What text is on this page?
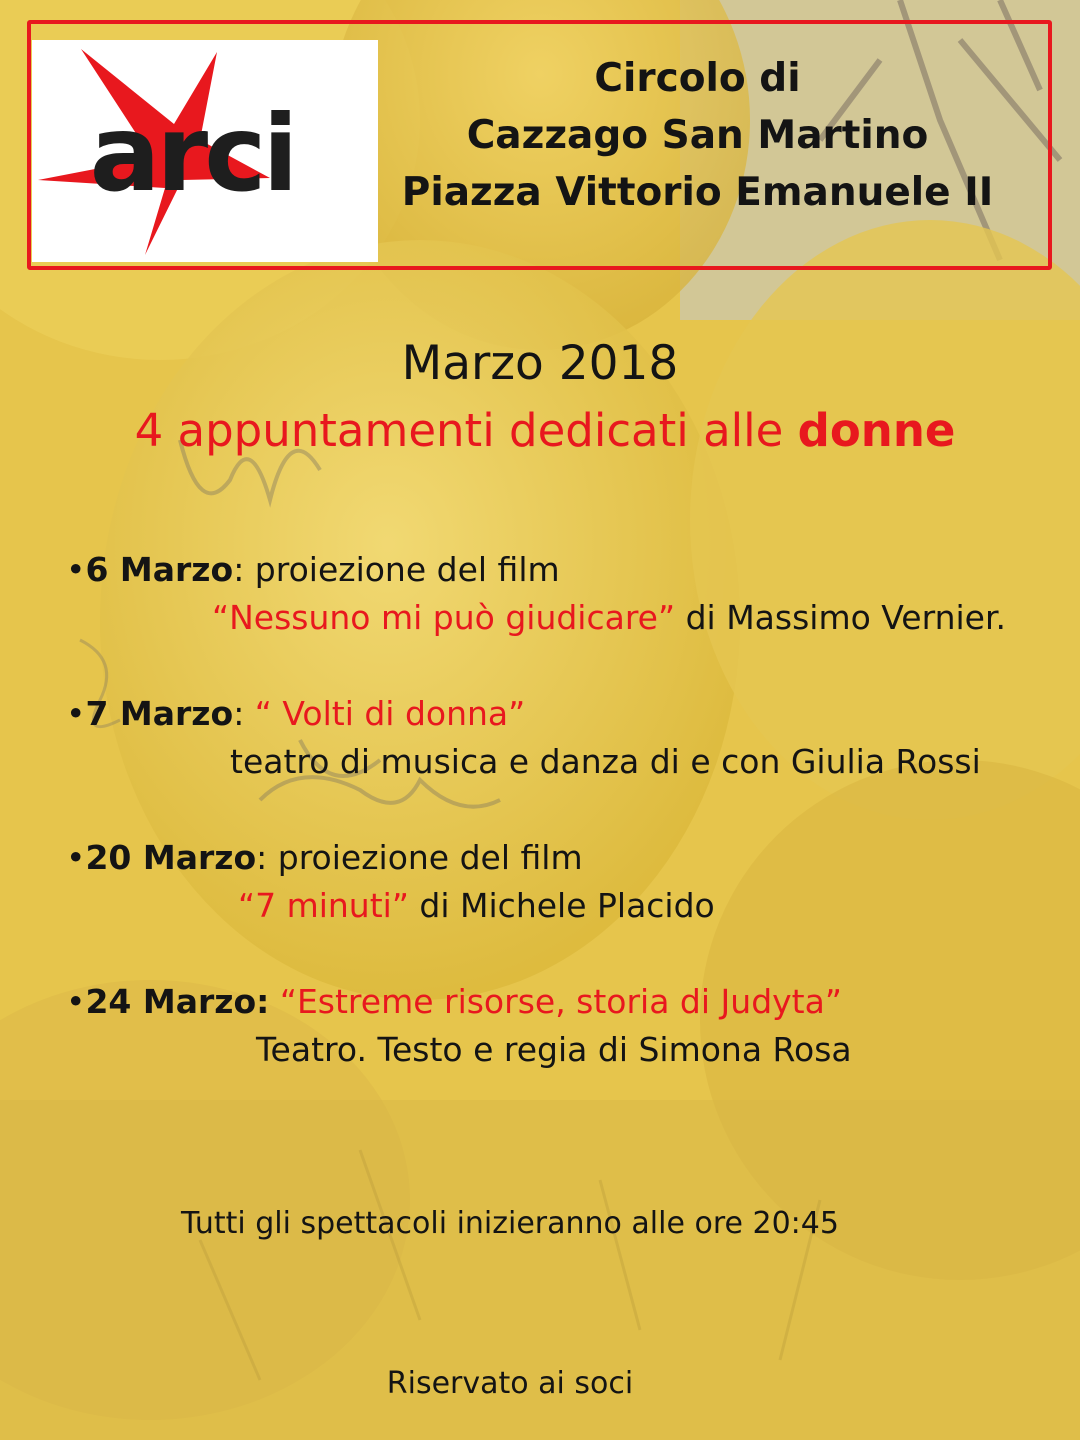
arci
Circolo di
Cazzago San Martino
Piazza Vittorio Emanuele II
Marzo 2018
4 appuntamenti dedicati alle donne
•6 Marzo: proiezione del film
“Nessuno mi può giudicare” di Massimo Vernier.
•7 Marzo: “ Volti di donna”
teatro di musica e danza di e con Giulia Rossi
•20 Marzo: proiezione del film
“7 minuti” di Michele Placido
•24 Marzo: “Estreme risorse, storia di Judyta”
Teatro. Testo e regia di Simona Rosa
Tutti gli spettacoli inizieranno alle ore 20:45
Riservato ai soci
